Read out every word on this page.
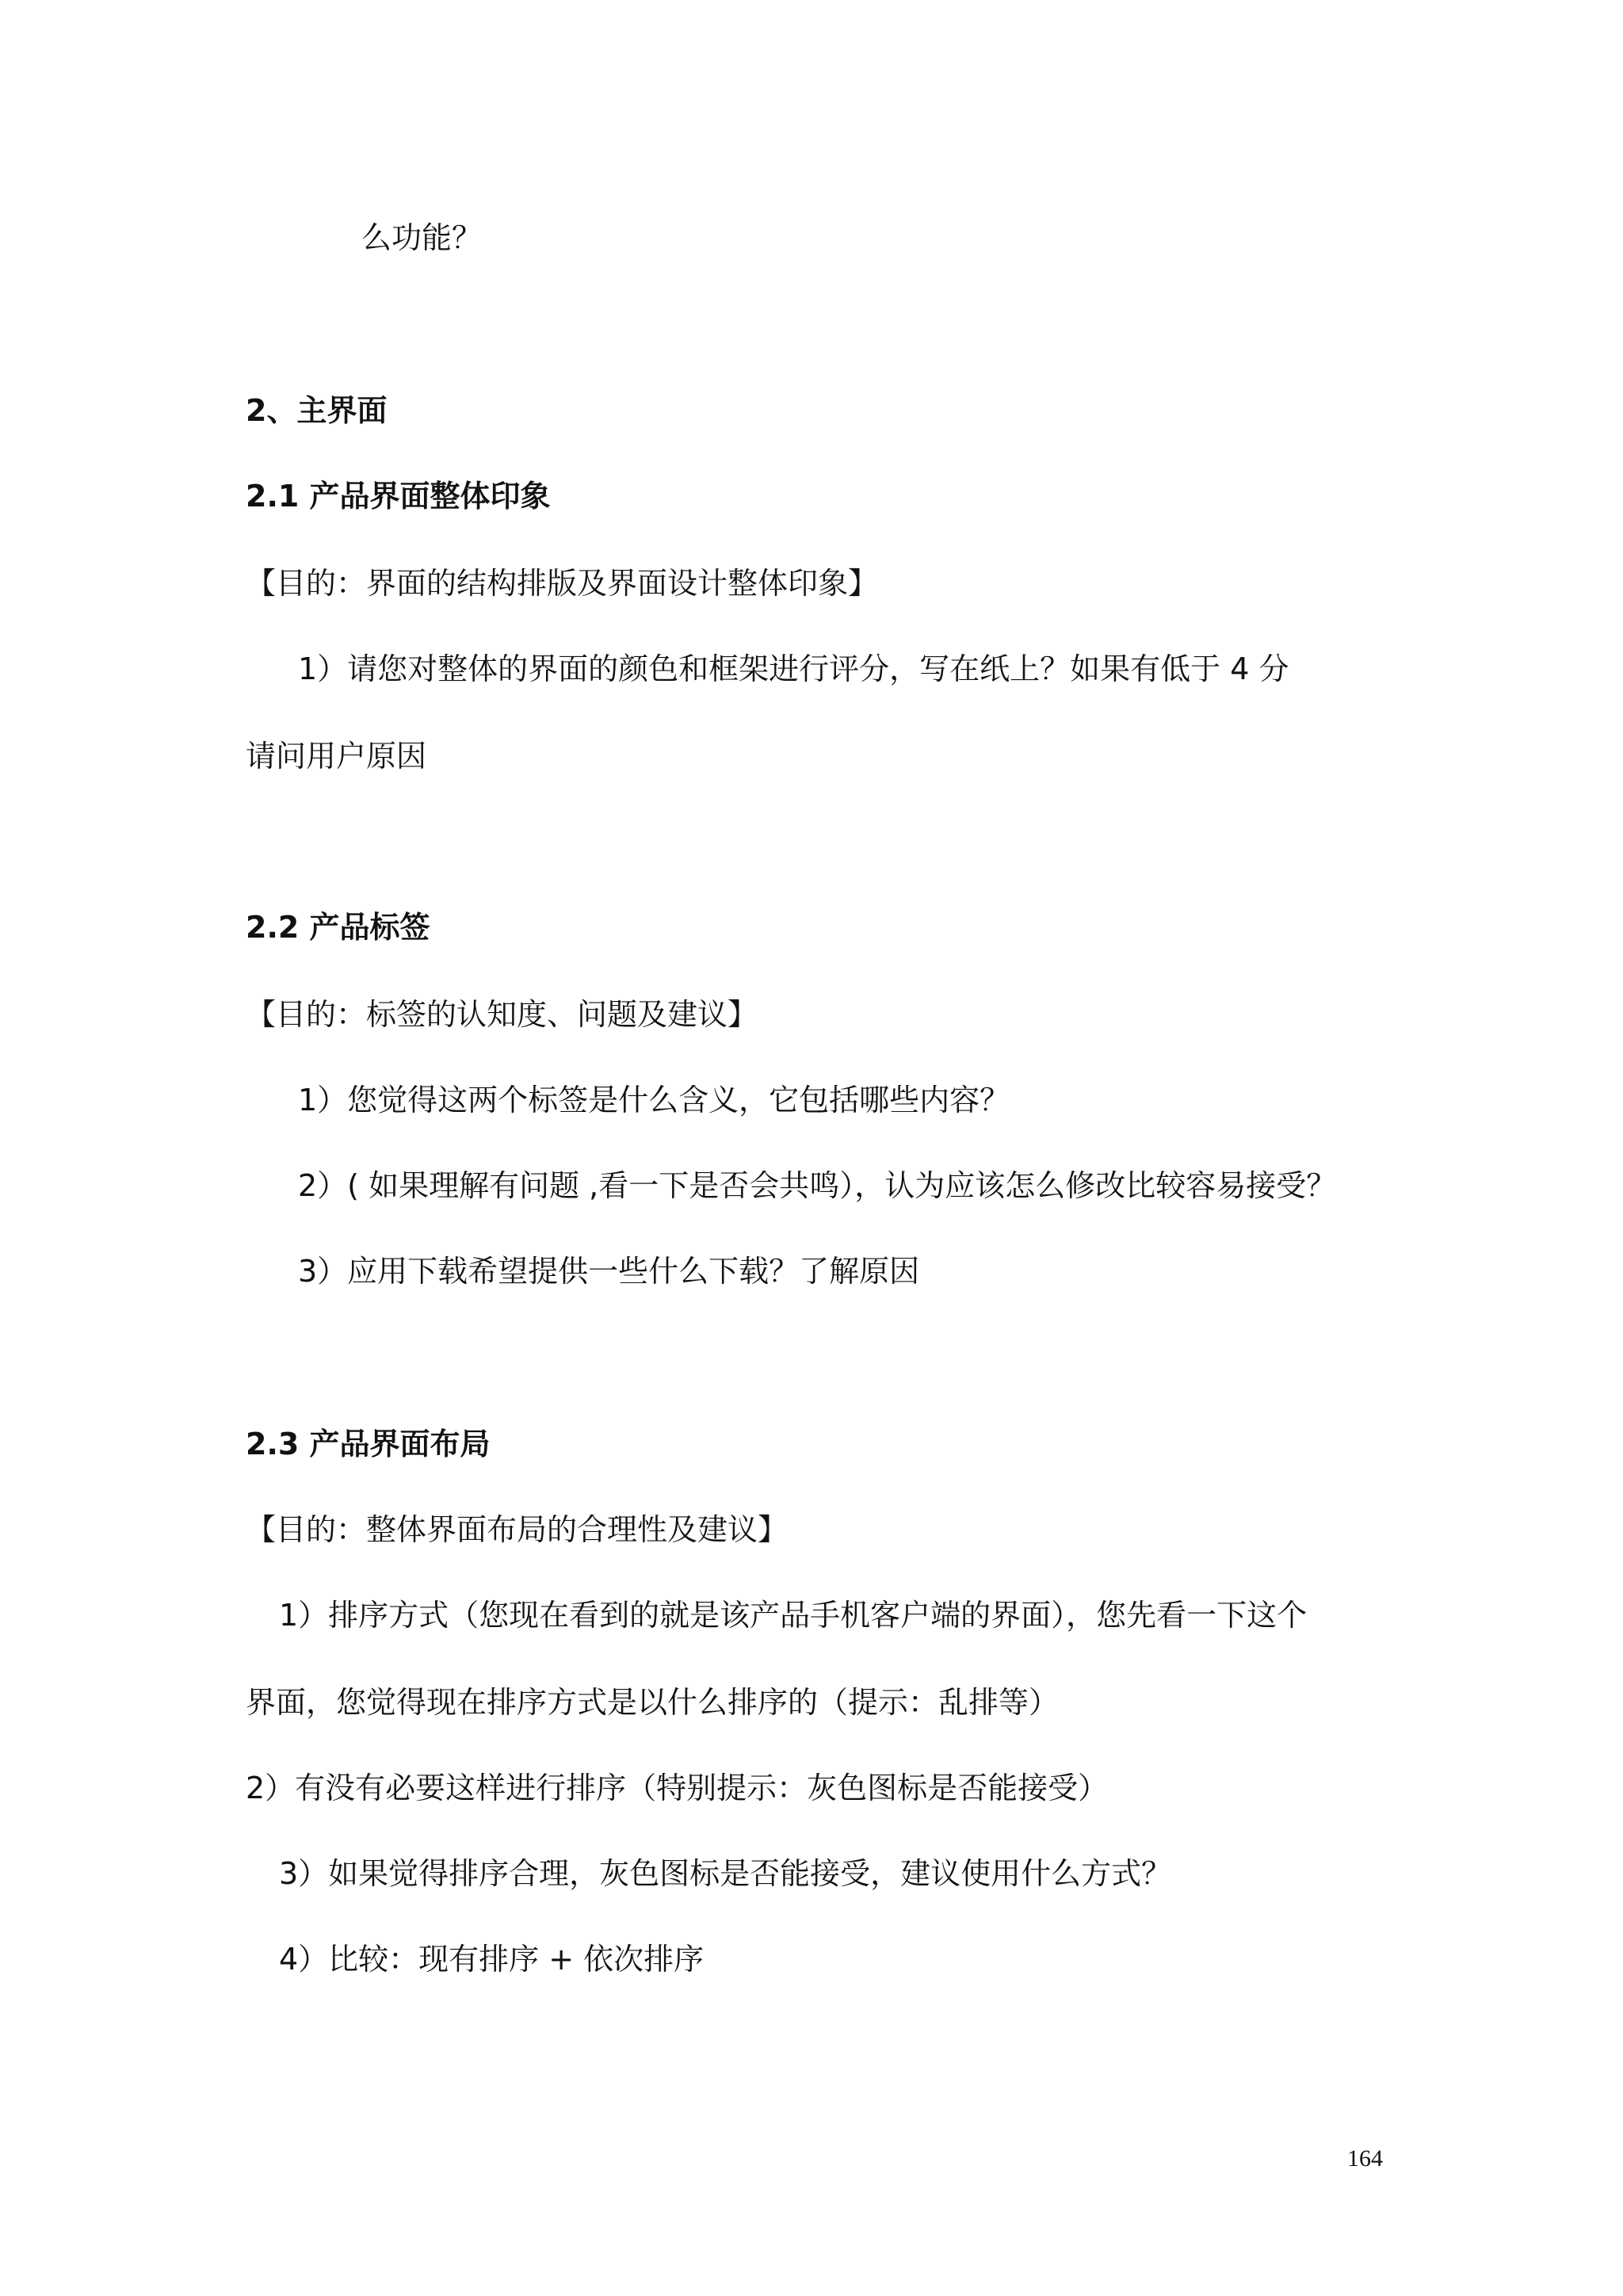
么功能？

2、主界面

2.1 产品界面整体印象

【目的：界面的结构排版及界面设计整体印象】

1）请您对整体的界面的颜色和框架进行评分，写在纸上？如果有低于 4 分

请问用户原因

2.2 产品标签

【目的：标签的认知度、问题及建议】

1）您觉得这两个标签是什么含义，它包括哪些内容？

2）( 如果理解有问题 ,看一下是否会共鸣），认为应该怎么修改比较容易接受？

3）应用下载希望提供一些什么下载？了解原因

2.3 产品界面布局

【目的：整体界面布局的合理性及建议】

1）排序方式（您现在看到的就是该产品手机客户端的界面），您先看一下这个

界面，您觉得现在排序方式是以什么排序的（提示：乱排等）

2）有没有必要这样进行排序（特别提示：灰色图标是否能接受）

3）如果觉得排序合理，灰色图标是否能接受，建议使用什么方式？

4）比较：现有排序 + 依次排序

164
